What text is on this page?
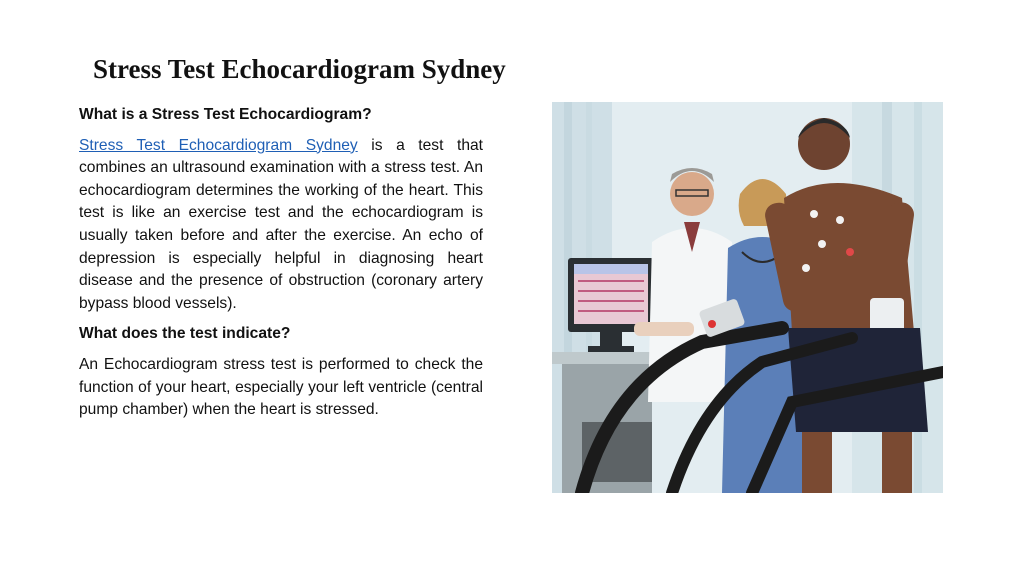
Stress Test Echocardiogram Sydney
What is a Stress Test Echocardiogram?

Stress Test Echocardiogram Sydney is a test that combines an ultrasound examination with a stress test. An echocardiogram determines the working of the heart. This test is like an exercise test and the echocardiogram is usually taken before and after the exercise. An echo of depression is especially helpful in diagnosing heart disease and the presence of obstruction (coronary artery bypass blood vessels).

What does the test indicate?

An Echocardiogram stress test is performed to check the function of your heart, especially your left ventricle (central pump chamber) when the heart is stressed.
